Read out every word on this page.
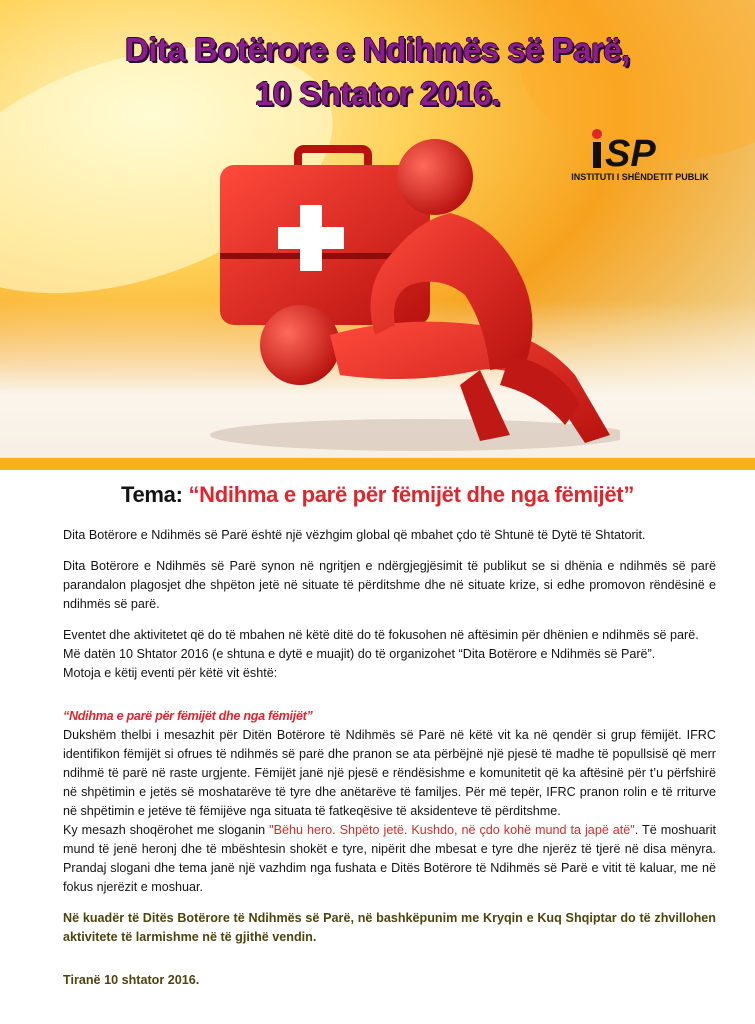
SP
INSTITUTI I SHËNDETIT PUBLIK
Dita Botërore e Ndihmës së Parë,
10 Shtator 2016.
Tema: “Ndihma e parë për fëmijët dhe nga fëmijët”

Dita Botërore e Ndihmës së Parë është një vëzhgim global që mbahet çdo të Shtunë të Dytë të Shtatorit.

Dita Botërore e Ndihmës së Parë synon në ngritjen e ndërgjegjësimit të publikut se si dhënia e ndihmës së parë parandalon plagosjet dhe shpëton jetë në situate të përditshme dhe në situate krize, si edhe promovon rëndësinë e ndihmës së parë.

Eventet dhe aktivitetet që do të mbahen në këtë ditë do të fokusohen në aftësimin për dhënien e ndihmës së parë.

Më datën 10 Shtator 2016 (e shtuna e dytë e muajit) do të organizohet “Dita Botërore e Ndihmës së Parë”.

Motoja e këtij eventi për këtë vit është:

“Ndihma e parë për fëmijët dhe nga fëmijët”

Dukshëm thelbi i mesazhit për Ditën Botërore të Ndihmës së Parë në këtë vit ka në qendër si grup fëmijët. IFRC identifikon fëmijët si ofrues të ndihmës së parë dhe pranon se ata përbëjnë një pjesë të madhe të popullsisë që merr ndihmë të parë në raste urgjente. Fëmijët janë një pjesë e rëndësishme e komunitetit që ka aftësinë për t’u përfshirë në shpëtimin e jetës së moshatarëve të tyre dhe anëtarëve të familjes. Për më tepër, IFRC pranon rolin e të rriturve në shpëtimin e jetëve të fëmijëve nga situata të fatkeqësive të aksidenteve të përditshme.

Ky mesazh shoqërohet me sloganin "Bëhu hero. Shpëto jetë. Kushdo, në çdo kohë mund ta japë atë". Të moshuarit mund të jenë heronj dhe të mbështesin shokët e tyre, nipërit dhe mbesat e tyre dhe njerëz të tjerë në disa mënyra. Prandaj slogani dhe tema janë një vazhdim nga fushata e Ditës Botërore të Ndihmës së Parë e vitit të kaluar, me në fokus njerëzit e moshuar.

Në kuadër të Ditës Botërore të Ndihmës së Parë, në bashkëpunim me Kryqin e Kuq Shqiptar do të zhvillohen aktivitete të larmishme në të gjithë vendin.

Tiranë 10 shtator 2016.
